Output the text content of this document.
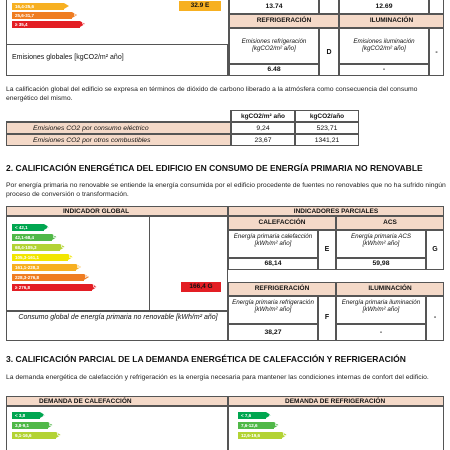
16,4-25,6	E
25,6-31,7	F
≥ 35,4	G
32.9 E	13.74	12.69
REFRIGERACIÓN	ILUMINACIÓN
Emisiones refrigeración [kgCO2/m² año]
D
Emisiones iluminación [kgCO2/m² año]
-
6.48	-
Emisiones globales [kgCO2/m² año]
La calificación global del edificio se expresa en términos de dióxido de carbono liberado a la atmósfera como consecuencia del consumo energético del mismo.
kgCO2/m² año	kgCO2/año
Emisiones CO2 por consumo eléctrico	9,24	523,71
Emisiones CO2 por otros combustibles	23,67	1341,21
2. CALIFICACIÓN ENERGÉTICA DEL EDIFICIO EN CONSUMO DE ENERGÍA PRIMARIA NO RENOVABLE
Por energía primaria no renovable se entiende la energía consumida por el edificio procedente de fuentes no renovables que no ha sufrido ningún proceso de conversión o transformación.
INDICADOR GLOBAL	INDICADORES PARCIALES
< 42,1	A
42,1-68,4	B
68,4-105,3	C
105,3-161,1	D
161,1-228,3	E
228,3-276,8	F
≥ 276,8	G	166,4 G
Consumo global de energía primaria no renovable [kWh/m² año]
CALEFACCIÓN	ACS
Energía primaria calefacción [kWh/m² año]
E
68,14
Energía primaria ACS [kWh/m² año]
G
59,98
REFRIGERACIÓN	ILUMINACIÓN
Energía primaria refrigeración [kWh/m² año]
F
38,27
Energía primaria iluminación [kWh/m² año]
-
-
3. CALIFICACIÓN PARCIAL DE LA DEMANDA ENERGÉTICA DE CALEFACCIÓN Y REFRIGERACIÓN
La demanda energética de calefacción y refrigeración es la energía necesaria para mantener las condiciones internas de confort del edificio.
DEMANDA DE CALEFACCIÓN	DEMANDA DE REFRIGERACIÓN
< 3,8	A
3,8-9,1	B
9,1-16,6	C
< 7,6	A
7,6-12,6	B
12,6-19,6	C
